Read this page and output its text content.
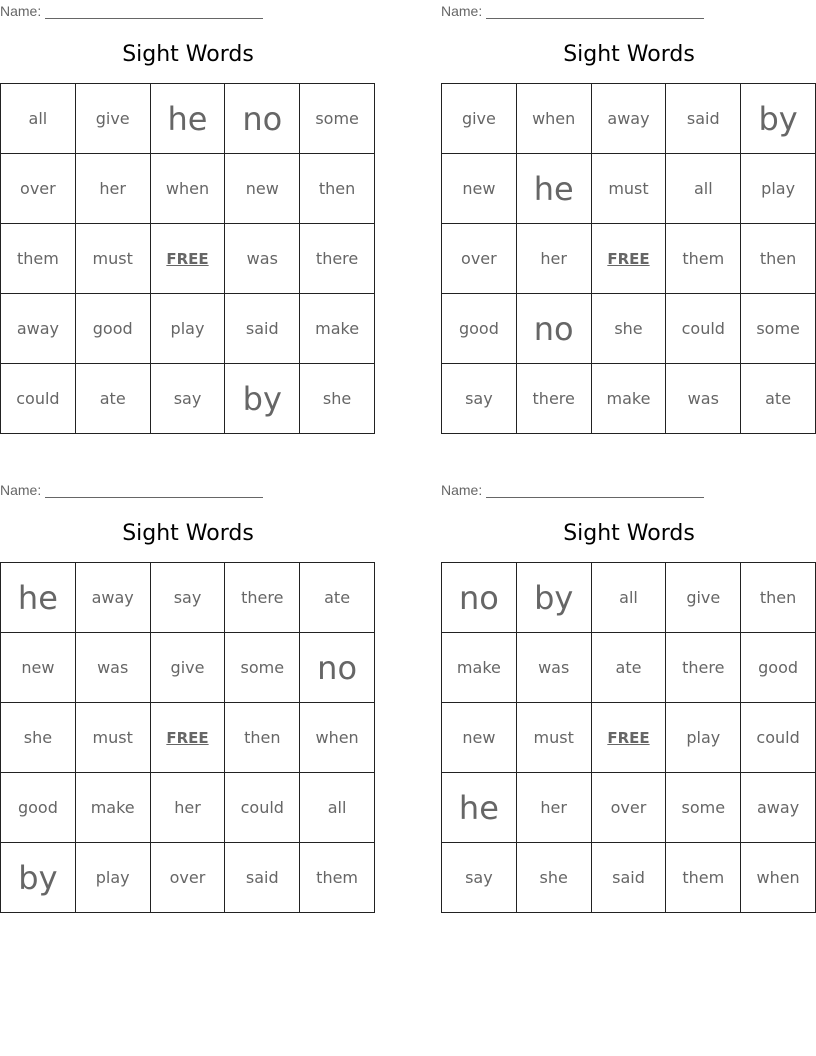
Name:
Sight Words
all	give	he	no	some
over	her	when	new	then
them	must	FREE	was	there
away	good	play	said	make
could	ate	say	by	she
Name:
Sight Words
give	when	away	said	by
new	he	must	all	play
over	her	FREE	them	then
good	no	she	could	some
say	there	make	was	ate
Name:
Sight Words
he	away	say	there	ate
new	was	give	some	no
she	must	FREE	then	when
good	make	her	could	all
by	play	over	said	them
Name:
Sight Words
no	by	all	give	then
make	was	ate	there	good
new	must	FREE	play	could
he	her	over	some	away
say	she	said	them	when
